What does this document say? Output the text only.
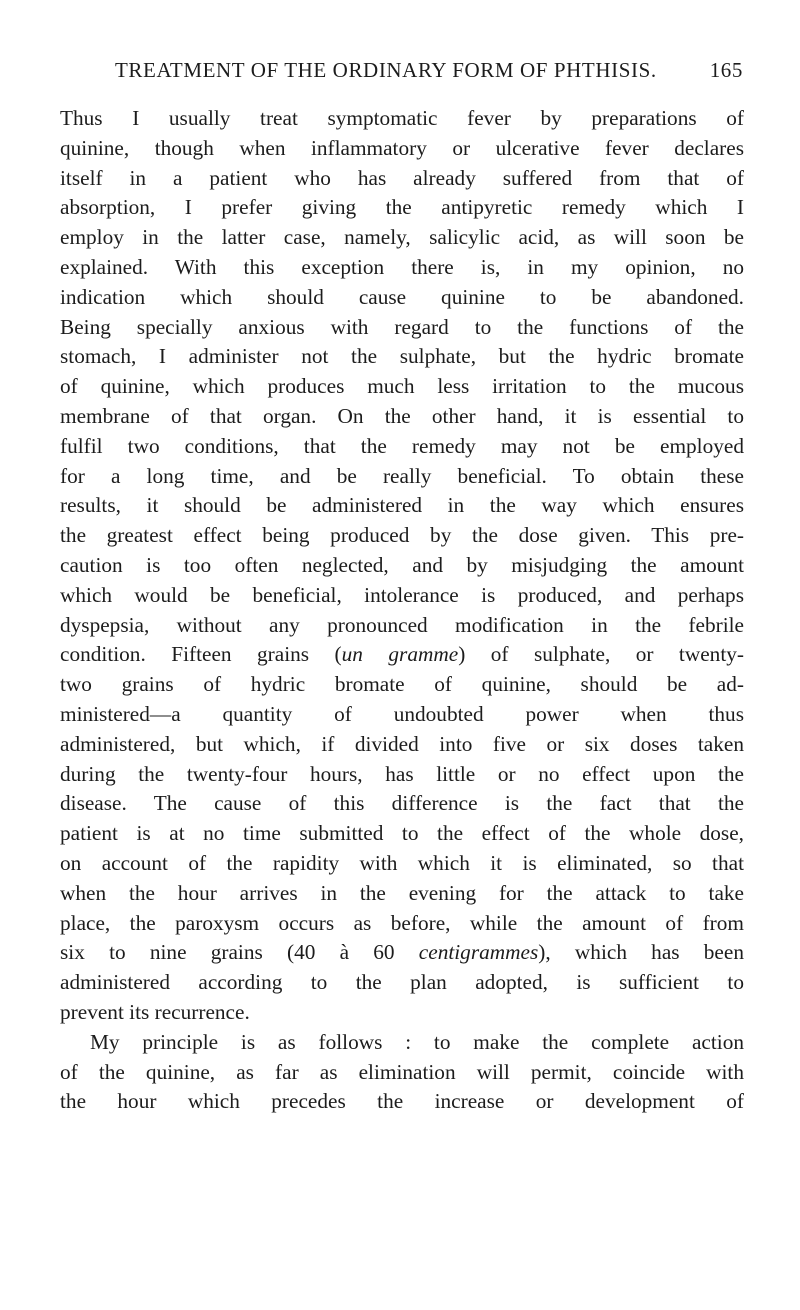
TREATMENT OF THE ORDINARY FORM OF PHTHISIS.	165
Thus I usually treat symptomatic fever by preparations of
quinine, though when inflammatory or ulcerative fever declares
itself in a patient who has already suffered from that of
absorption, I prefer giving the antipyretic remedy which I
employ in the latter case, namely, salicylic acid, as will soon be
explained. With this exception there is, in my opinion, no
indication which should cause quinine to be abandoned.
Being specially anxious with regard to the functions of the
stomach, I administer not the sulphate, but the hydric bromate
of quinine, which produces much less irritation to the mucous
membrane of that organ. On the other hand, it is essential to
fulfil two conditions, that the remedy may not be employed
for a long time, and be really beneficial. To obtain these
results, it should be administered in the way which ensures
the greatest effect being produced by the dose given. This pre-
caution is too often neglected, and by misjudging the amount
which would be beneficial, intolerance is produced, and perhaps
dyspepsia, without any pronounced modification in the febrile
condition. Fifteen grains (un gramme) of sulphate, or twenty-
two grains of hydric bromate of quinine, should be ad-
ministered—a quantity of undoubted power when thus
administered, but which, if divided into five or six doses taken
during the twenty-four hours, has little or no effect upon the
disease. The cause of this difference is the fact that the
patient is at no time submitted to the effect of the whole dose,
on account of the rapidity with which it is eliminated, so that
when the hour arrives in the evening for the attack to take
place, the paroxysm occurs as before, while the amount of from
six to nine grains (40 à 60 centigrammes), which has been
administered according to the plan adopted, is sufficient to
prevent its recurrence.
My principle is as follows : to make the complete action
of the quinine, as far as elimination will permit, coincide with
the hour which precedes the increase or development of
